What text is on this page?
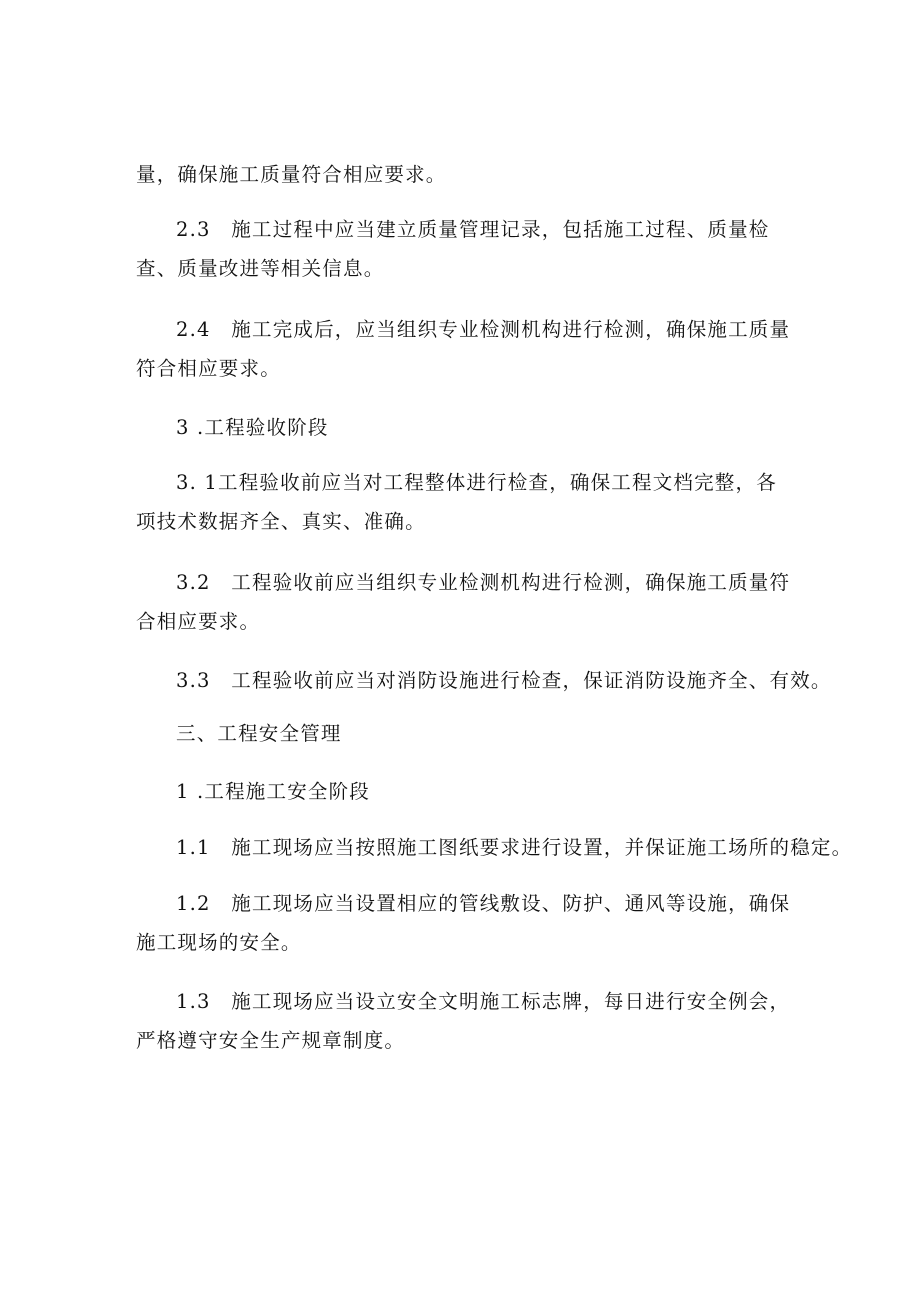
量，确保施工质量符合相应要求。
2.3　施工过程中应当建立质量管理记录，包括施工过程、质量检查、质量改进等相关信息。
2.4　施工完成后，应当组织专业检测机构进行检测，确保施工质量符合相应要求。
3 .工程验收阶段
3. 1工程验收前应当对工程整体进行检查，确保工程文档完整，各项技术数据齐全、真实、准确。
3.2　工程验收前应当组织专业检测机构进行检测，确保施工质量符合相应要求。
3.3　工程验收前应当对消防设施进行检查，保证消防设施齐全、有效。
三、工程安全管理
1 .工程施工安全阶段
1.1　施工现场应当按照施工图纸要求进行设置，并保证施工场所的稳定。
1.2　施工现场应当设置相应的管线敷设、防护、通风等设施，确保施工现场的安全。
1.3　施工现场应当设立安全文明施工标志牌，每日进行安全例会，严格遵守安全生产规章制度。
